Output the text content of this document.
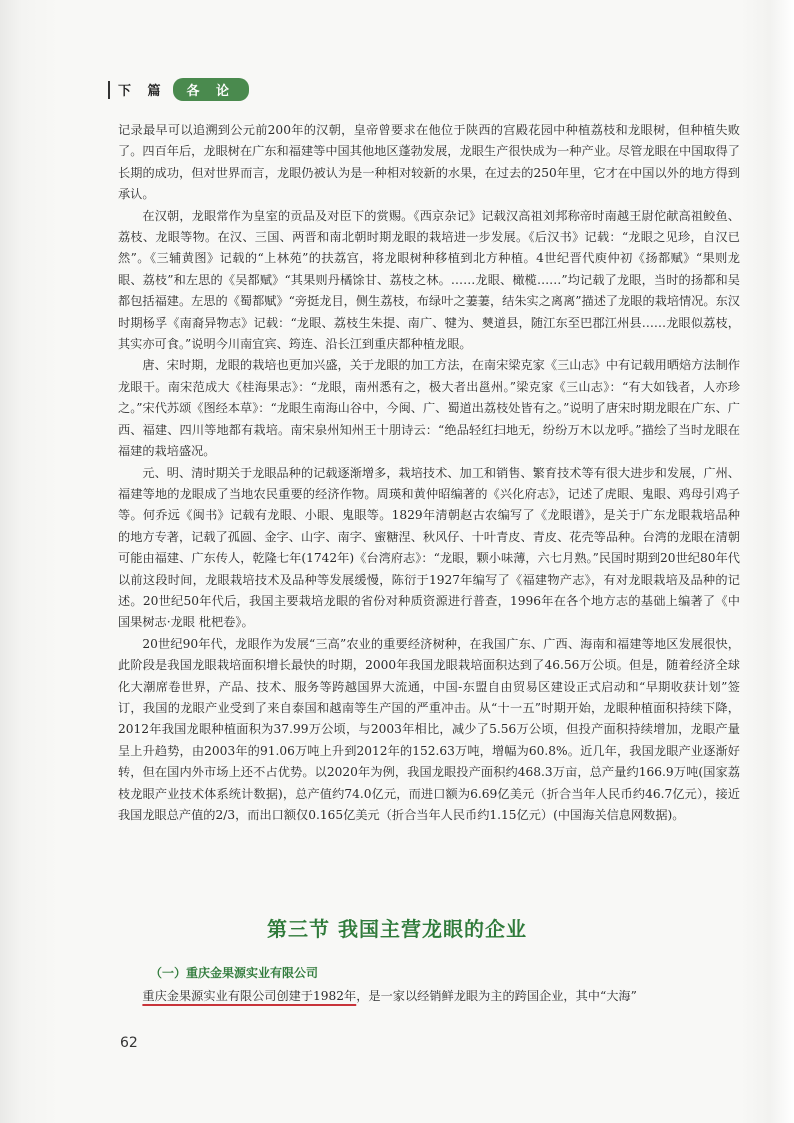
下 篇	各 论

记录最早可以追溯到公元前200年的汉朝，皇帝曾要求在他位于陕西的宫殿花园中种植荔枝和龙眼树，但种植失败了。四百年后，龙眼树在广东和福建等中国其他地区蓬勃发展，龙眼生产很快成为一种产业。尽管龙眼在中国取得了长期的成功，但对世界而言，龙眼仍被认为是一种相对较新的水果，在过去的250年里，它才在中国以外的地方得到承认。

在汉朝，龙眼常作为皇室的贡品及对臣下的赏赐。《西京杂记》记载汉高祖刘邦称帝时南越王尉佗献高祖鲛鱼、荔枝、龙眼等物。在汉、三国、两晋和南北朝时期龙眼的栽培进一步发展。《后汉书》记载：“龙眼之见珍，自汉已然”。《三辅黄图》记载的“上林苑”的扶荔宫，将龙眼树种移植到北方种植。4世纪晋代庾仲初《扬都赋》“果则龙眼、荔枝”和左思的《吴都赋》“其果则丹橘馀甘、荔枝之林。……龙眼、橄榄……”均记载了龙眼，当时的扬都和吴都包括福建。左思的《蜀都赋》“旁挺龙目，侧生荔枝，布绿叶之萋萋，结朱实之离离”描述了龙眼的栽培情况。东汉时期杨孚《南裔异物志》记载：“龙眼、荔枝生朱提、南广、犍为、僰道县，随江东至巴郡江州县……龙眼似荔枝，其实亦可食。”说明今川南宜宾、筠连、沿长江到重庆都种植龙眼。

唐、宋时期，龙眼的栽培也更加兴盛，关于龙眼的加工方法，在南宋梁克家《三山志》中有记载用晒焙方法制作龙眼干。南宋范成大《桂海果志》：“龙眼，南州悉有之，极大者出邕州。”梁克家《三山志》：“有大如钱者，人亦珍之。”宋代苏颂《图经本草》：“龙眼生南海山谷中，今闽、广、蜀道出荔枝处皆有之。”说明了唐宋时期龙眼在广东、广西、福建、四川等地都有栽培。南宋泉州知州王十朋诗云：“绝品轻红扫地无，纷纷万木以龙呼。”描绘了当时龙眼在福建的栽培盛况。

元、明、清时期关于龙眼品种的记载逐渐增多，栽培技术、加工和销售、繁育技术等有很大进步和发展，广州、福建等地的龙眼成了当地农民重要的经济作物。周瑛和黄仲昭编著的《兴化府志》，记述了虎眼、鬼眼、鸡母引鸡子等。何乔远《闽书》记载有龙眼、小眼、鬼眼等。1829年清朝赵古农编写了《龙眼谱》，是关于广东龙眼栽培品种的地方专著，记载了孤圆、金字、山字、南字、蜜糖涅、秋风仔、十叶青皮、青皮、花壳等品种。台湾的龙眼在清朝可能由福建、广东传人，乾隆七年(1742年)《台湾府志》：“龙眼，颗小味薄，六七月熟。”民国时期到20世纪80年代以前这段时间，龙眼栽培技术及品种等发展缓慢，陈衍于1927年编写了《福建物产志》，有对龙眼栽培及品种的记述。20世纪50年代后，我国主要栽培龙眼的省份对种质资源进行普查，1996年在各个地方志的基础上编著了《中国果树志·龙眼 枇杷卷》。

20世纪90年代，龙眼作为发展“三高”农业的重要经济树种，在我国广东、广西、海南和福建等地区发展很快，此阶段是我国龙眼栽培面积增长最快的时期，2000年我国龙眼栽培面积达到了46.56万公顷。但是，随着经济全球化大潮席卷世界，产品、技术、服务等跨越国界大流通，中国-东盟自由贸易区建设正式启动和“早期收获计划”签订，我国的龙眼产业受到了来自泰国和越南等生产国的严重冲击。从“十一五”时期开始，龙眼种植面积持续下降，2012年我国龙眼种植面积为37.99万公顷，与2003年相比，减少了5.56万公顷，但投产面积持续增加，龙眼产量呈上升趋势，由2003年的91.06万吨上升到2012年的152.63万吨，增幅为60.8%。近几年，我国龙眼产业逐渐好转，但在国内外市场上还不占优势。以2020年为例，我国龙眼投产面积约468.3万亩，总产量约166.9万吨(国家荔枝龙眼产业技术体系统计数据)，总产值约74.0亿元，而进口额为6.69亿美元（折合当年人民币约46.7亿元），接近我国龙眼总产值的2/3，而出口额仅0.165亿美元（折合当年人民币约1.15亿元）(中国海关信息网数据)。

第三节 我国主营龙眼的企业
（一）重庆金果源实业有限公司
重庆金果源实业有限公司创建于1982年，是一家以经销鲜龙眼为主的跨国企业，其中“大海”
62
